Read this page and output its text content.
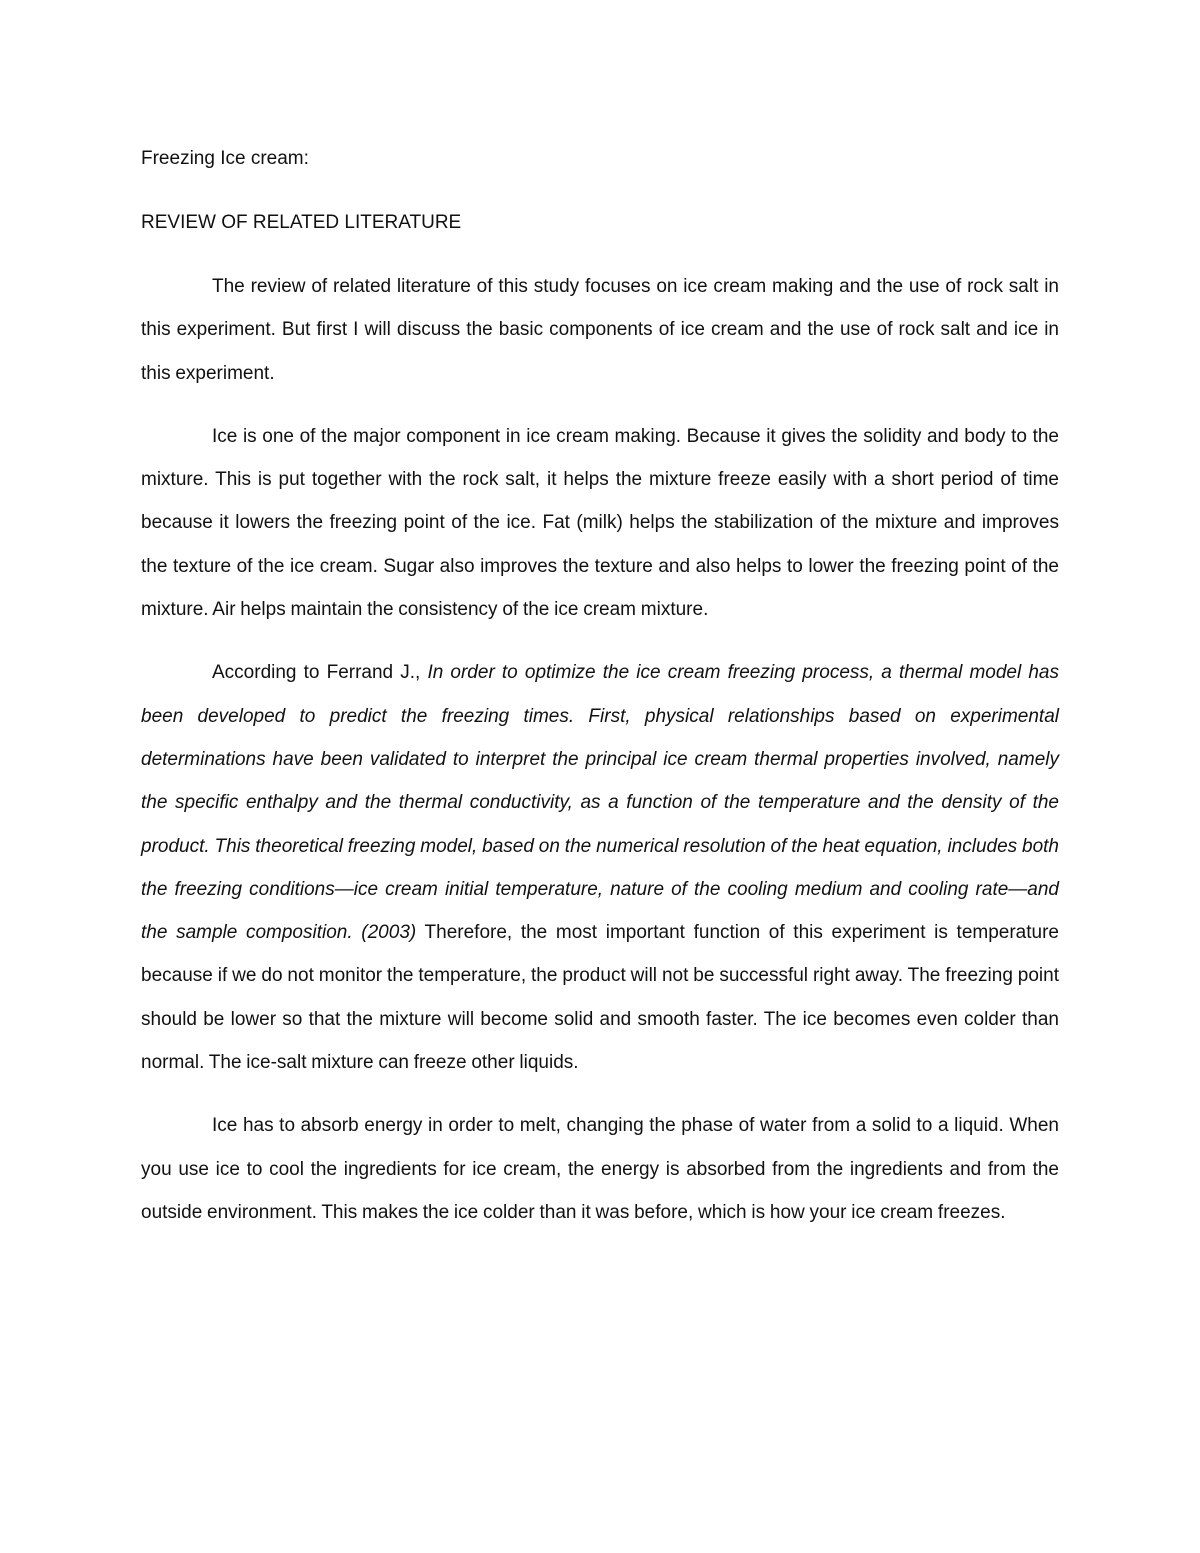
Freezing Ice cream:

REVIEW OF RELATED LITERATURE

The review of related literature of this study focuses on ice cream making and the use of rock salt in this experiment. But first I will discuss the basic components of ice cream and the use of rock salt and ice in this experiment.

Ice is one of the major component in ice cream making. Because it gives the solidity and body to the mixture. This is put together with the rock salt, it helps the mixture freeze easily with a short period of time because it lowers the freezing point of the ice. Fat (milk) helps the stabilization of the mixture and improves the texture of the ice cream. Sugar also improves the texture and also helps to lower the freezing point of the mixture. Air helps maintain the consistency of the ice cream mixture.

According to Ferrand J., In order to optimize the ice cream freezing process, a thermal model has been developed to predict the freezing times. First, physical relationships based on experimental determinations have been validated to interpret the principal ice cream thermal properties involved, namely the specific enthalpy and the thermal conductivity, as a function of the temperature and the density of the product. This theoretical freezing model, based on the numerical resolution of the heat equation, includes both the freezing conditions—ice cream initial temperature, nature of the cooling medium and cooling rate—and the sample composition. (2003) Therefore, the most important function of this experiment is temperature because if we do not monitor the temperature, the product will not be successful right away. The freezing point should be lower so that the mixture will become solid and smooth faster. The ice becomes even colder than normal. The ice-salt mixture can freeze other liquids.

Ice has to absorb energy in order to melt, changing the phase of water from a solid to a liquid. When you use ice to cool the ingredients for ice cream, the energy is absorbed from the ingredients and from the outside environment. This makes the ice colder than it was before, which is how your ice cream freezes.
